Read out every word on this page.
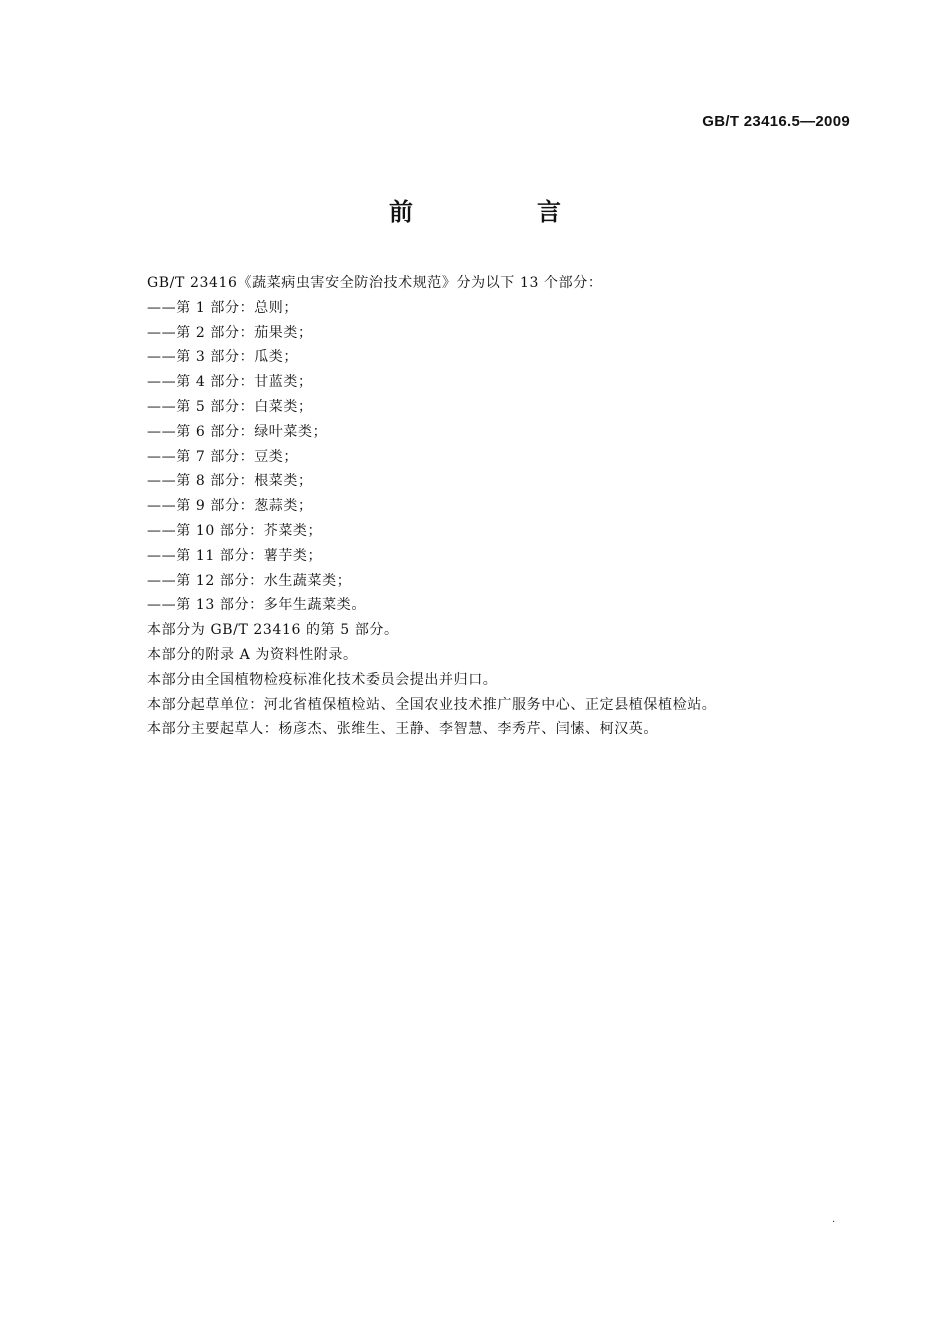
GB/T 23416.5—2009
前　言
GB/T 23416《蔬菜病虫害安全防治技术规范》分为以下 13 个部分：
——第 1 部分：总则；
——第 2 部分：茄果类；
——第 3 部分：瓜类；
——第 4 部分：甘蓝类；
——第 5 部分：白菜类；
——第 6 部分：绿叶菜类；
——第 7 部分：豆类；
——第 8 部分：根菜类；
——第 9 部分：葱蒜类；
——第 10 部分：芥菜类；
——第 11 部分：薯芋类；
——第 12 部分：水生蔬菜类；
——第 13 部分：多年生蔬菜类。
本部分为 GB/T 23416 的第 5 部分。
本部分的附录 A 为资料性附录。
本部分由全国植物检疫标准化技术委员会提出并归口。
本部分起草单位：河北省植保植检站、全国农业技术推广服务中心、正定县植保植检站。
本部分主要起草人：杨彦杰、张维生、王静、李智慧、李秀芹、闫愫、柯汉英。
·
